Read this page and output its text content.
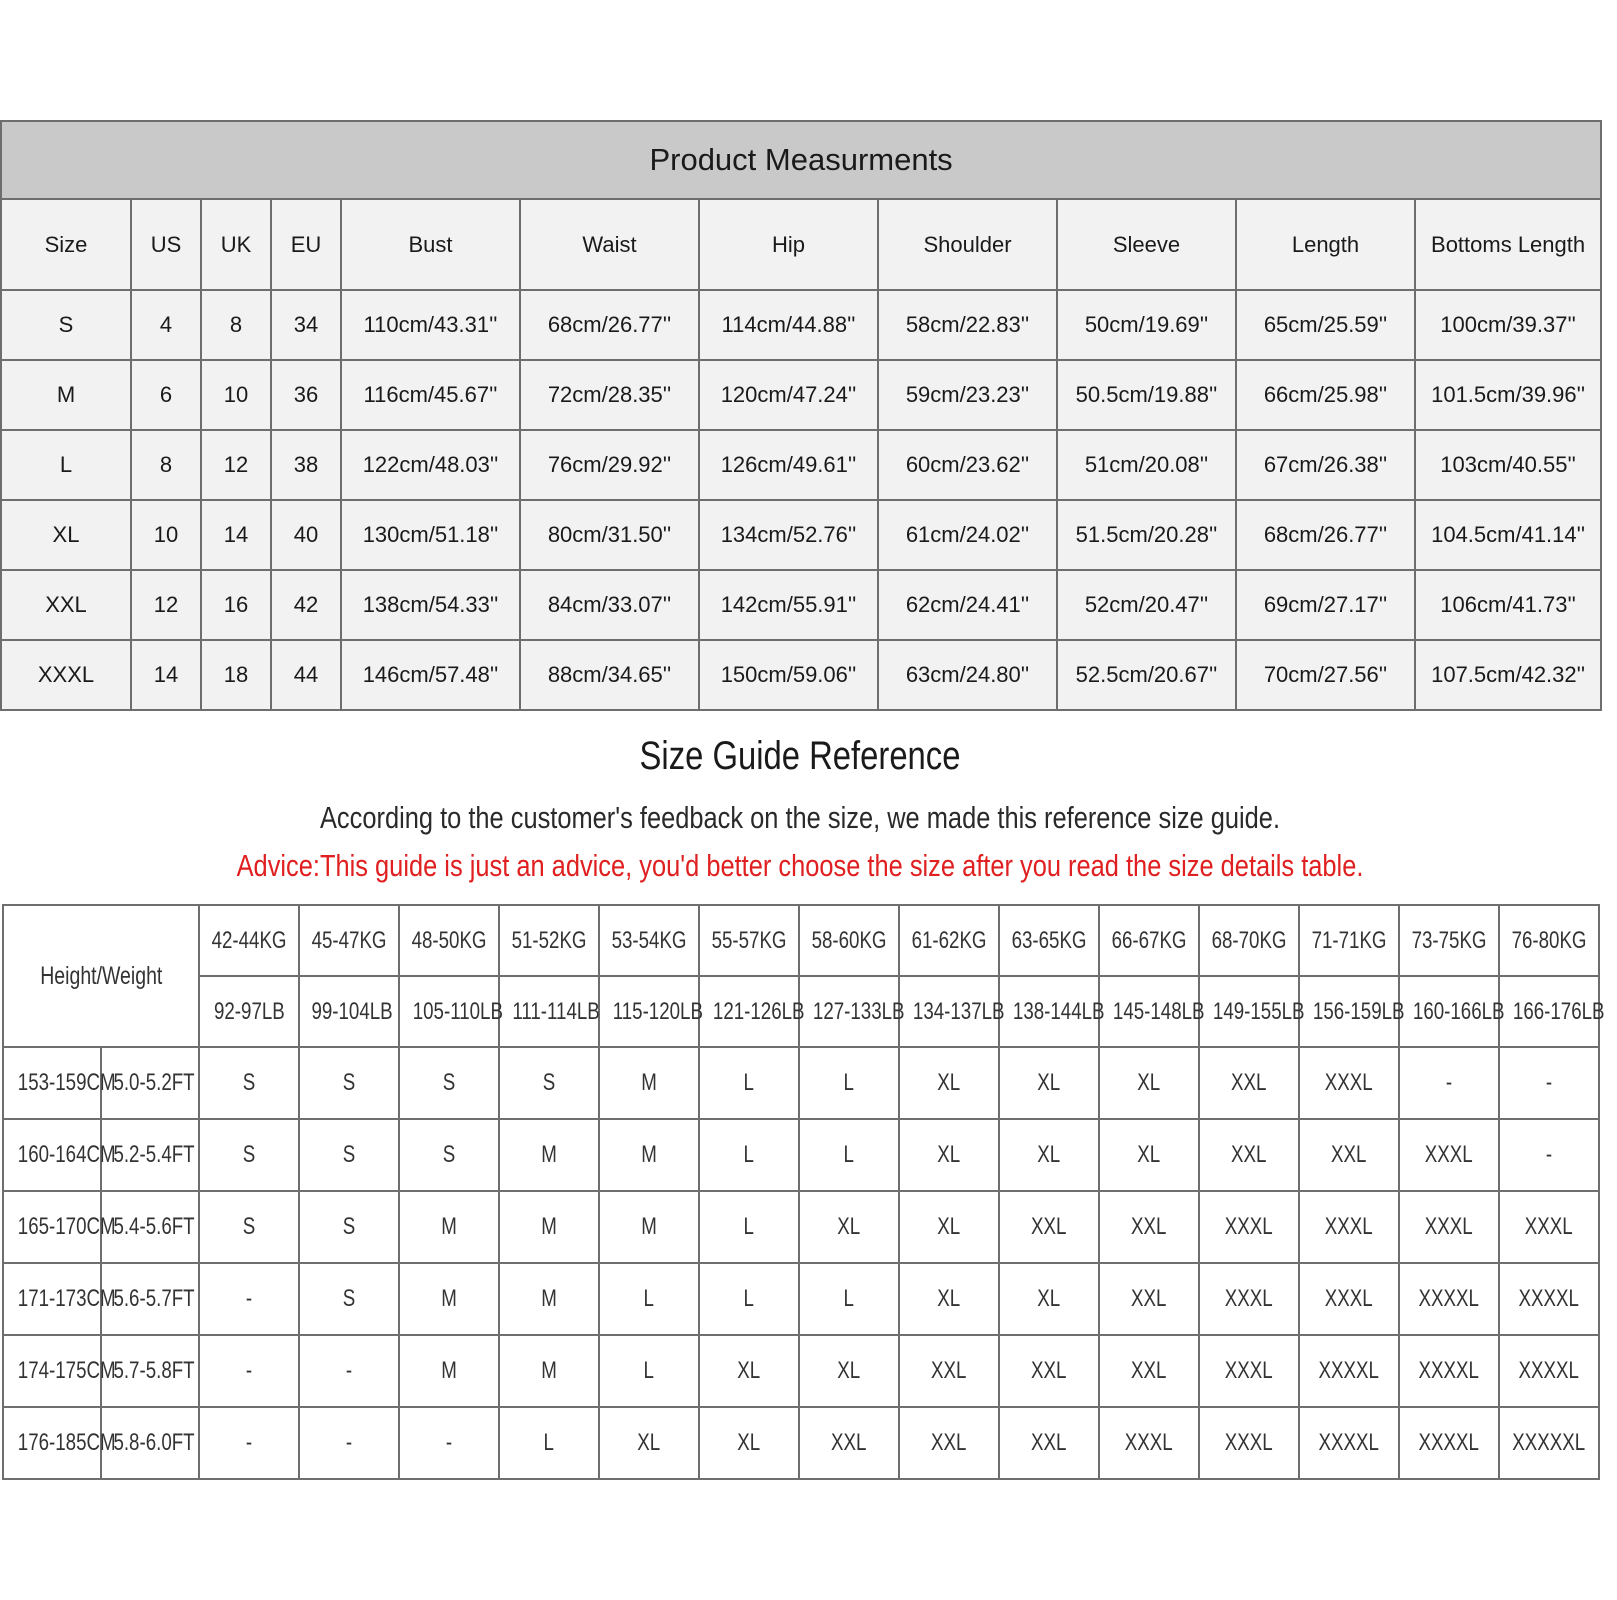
Product Measurments										
Size	US	UK	EU	Bust	Waist	Hip	Shoulder	Sleeve	Length	Bottoms Length
S	4	8	34	110cm/43.31''	68cm/26.77''	114cm/44.88''	58cm/22.83''	50cm/19.69''	65cm/25.59''	100cm/39.37''
M	6	10	36	116cm/45.67''	72cm/28.35''	120cm/47.24''	59cm/23.23''	50.5cm/19.88''	66cm/25.98''	101.5cm/39.96''
L	8	12	38	122cm/48.03''	76cm/29.92''	126cm/49.61''	60cm/23.62''	51cm/20.08''	67cm/26.38''	103cm/40.55''
XL	10	14	40	130cm/51.18''	80cm/31.50''	134cm/52.76''	61cm/24.02''	51.5cm/20.28''	68cm/26.77''	104.5cm/41.14''
XXL	12	16	42	138cm/54.33''	84cm/33.07''	142cm/55.91''	62cm/24.41''	52cm/20.47''	69cm/27.17''	106cm/41.73''
XXXL	14	18	44	146cm/57.48''	88cm/34.65''	150cm/59.06''	63cm/24.80''	52.5cm/20.67''	70cm/27.56''	107.5cm/42.32''
Size Guide Reference
According to the customer's feedback on the size, we made this reference size guide.
Advice:This guide is just an advice, you'd better choose the size after you read the size details table.
Height/Weight		42-44KG	45-47KG	48-50KG	51-52KG	53-54KG	55-57KG	58-60KG	61-62KG	63-65KG	66-67KG	68-70KG	71-71KG	73-75KG	76-80KG
		92-97LB	99-104LB	105-110LB	111-114LB	115-120LB	121-126LB	127-133LB	134-137LB	138-144LB	145-148LB	149-155LB	156-159LB	160-166LB	166-176LB
153-159CM	5.0-5.2FT	S	S	S	S	M	L	L	XL	XL	XL	XXL	XXXL	-	-
160-164CM	5.2-5.4FT	S	S	S	M	M	L	L	XL	XL	XL	XXL	XXL	XXXL	-
165-170CM	5.4-5.6FT	S	S	M	M	M	L	XL	XL	XXL	XXL	XXXL	XXXL	XXXL	XXXL
171-173CM	5.6-5.7FT	-	S	M	M	L	L	L	XL	XL	XXL	XXXL	XXXL	XXXXL	XXXXL
174-175CM	5.7-5.8FT	-	-	M	M	L	XL	XL	XXL	XXL	XXL	XXXL	XXXXL	XXXXL	XXXXL
176-185CM	5.8-6.0FT	-	-	-	L	XL	XL	XXL	XXL	XXL	XXXL	XXXL	XXXXL	XXXXL	XXXXXL
